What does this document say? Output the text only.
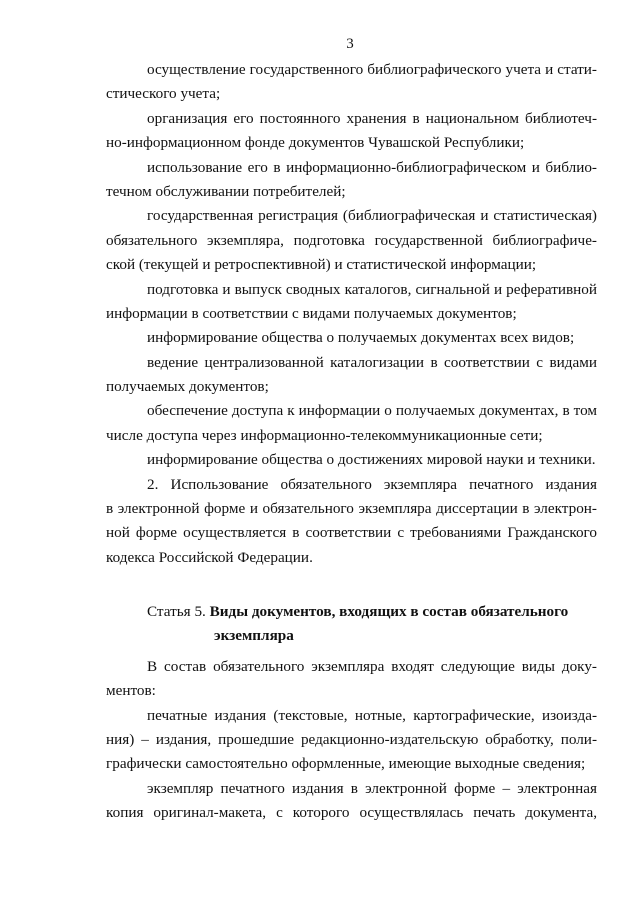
3
осуществление государственного библиографического учета и стати-
стического учета;
организация его постоянного хранения в национальном библиотеч-
но-информационном фонде документов Чувашской Республики;
использование его в информационно-библиографическом и библио-
течном обслуживании потребителей;
государственная регистрация (библиографическая и статистическая)
обязательного экземпляра, подготовка государственной библиографиче-
ской (текущей и ретроспективной) и статистической информации;
подготовка и выпуск сводных каталогов, сигнальной и реферативной
информации в соответствии с видами получаемых документов;
информирование общества о получаемых документах всех видов;
ведение централизованной каталогизации в соответствии с видами
получаемых документов;
обеспечение доступа к информации о получаемых документах, в том
числе доступа через информационно-телекоммуникационные сети;
информирование общества о достижениях мировой науки и техники.
2. Использование обязательного экземпляра печатного издания
в электронной форме и обязательного экземпляра диссертации в электрон-
ной форме осуществляется в соответствии с требованиями Гражданского
кодекса Российской Федерации.
Статья 5. Виды документов, входящих в состав обязательного
экземпляра
В состав обязательного экземпляра входят следующие виды доку-
ментов:
печатные издания (текстовые, нотные, картографические, изоизда-
ния) – издания, прошедшие редакционно-издательскую обработку, поли-
графически самостоятельно оформленные, имеющие выходные сведения;
экземпляр печатного издания в электронной форме – электронная
копия оригинал-макета, с которого осуществлялась печать документа,
